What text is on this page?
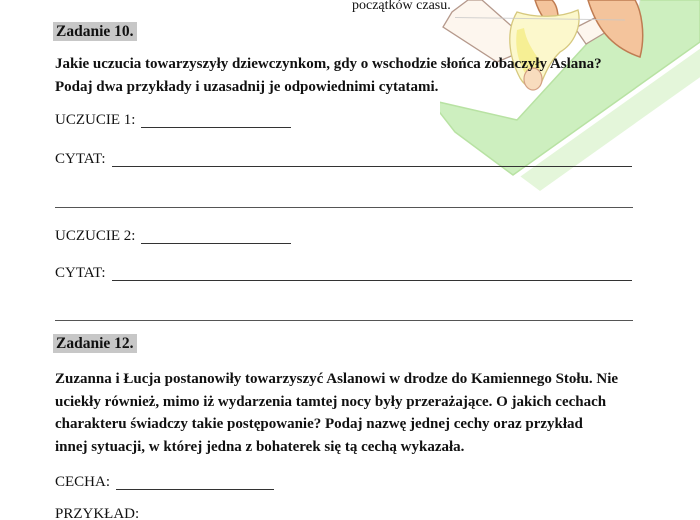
początków czasu.
Zadanie 10.
Jakie uczucia towarzyszyły dziewczynkom, gdy o wschodzie słońca zobaczyły Aslana?
Podaj dwa przykłady i uzasadnij je odpowiednimi cytatami.
UCZUCIE 1:
CYTAT:
UCZUCIE 2:
CYTAT:
Zadanie 12.
Zuzanna i Łucja postanowiły towarzyszyć Aslanowi w drodze do Kamiennego Stołu. Nie
uciekły również, mimo iż wydarzenia tamtej nocy były przerażające. O jakich cechach
charakteru świadczy takie postępowanie? Podaj nazwę jednej cechy oraz przykład
innej sytuacji, w której jedna z bohaterek się tą cechą wykazała.
CECHA:
PRZYKŁAD:
